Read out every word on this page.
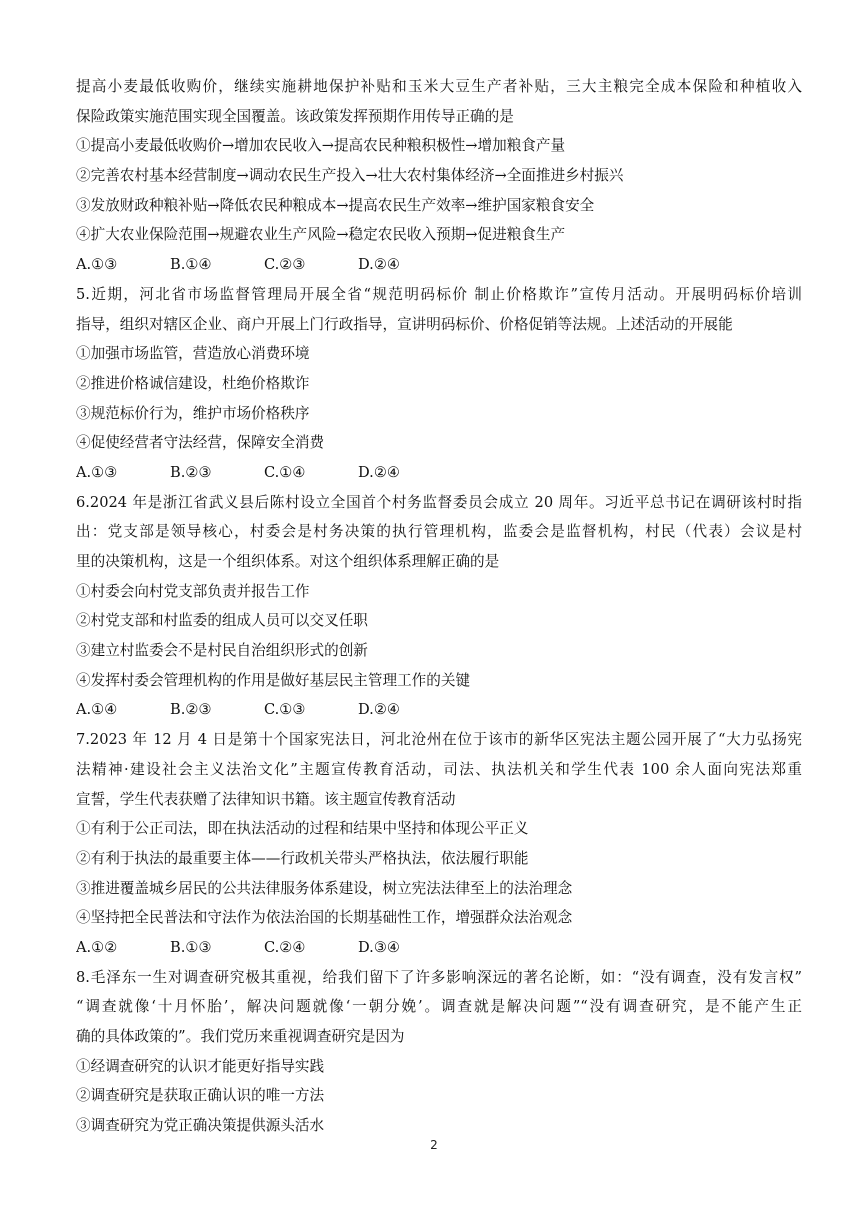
提高小麦最低收购价，继续实施耕地保护补贴和玉米大豆生产者补贴，三大主粮完全成本保险和种植收入
保险政策实施范围实现全国覆盖。该政策发挥预期作用传导正确的是
①提高小麦最低收购价→增加农民收入→提高农民种粮积极性→增加粮食产量
②完善农村基本经营制度→调动农民生产投入→壮大农村集体经济→全面推进乡村振兴
③发放财政种粮补贴→降低农民种粮成本→提高农民生产效率→维护国家粮食安全
④扩大农业保险范围→规避农业生产风险→稳定农民收入预期→促进粮食生产
A.①③	B.①④	C.②③	D.②④
5.近期，河北省市场监督管理局开展全省“规范明码标价 制止价格欺诈”宣传月活动。开展明码标价培训
指导，组织对辖区企业、商户开展上门行政指导，宣讲明码标价、价格促销等法规。上述活动的开展能
①加强市场监管，营造放心消费环境
②推进价格诚信建设，杜绝价格欺诈
③规范标价行为，维护市场价格秩序
④促使经营者守法经营，保障安全消费
A.①③	B.②③	C.①④	D.②④
6.2024 年是浙江省武义县后陈村设立全国首个村务监督委员会成立 20 周年。习近平总书记在调研该村时指
出：党支部是领导核心，村委会是村务决策的执行管理机构，监委会是监督机构，村民（代表）会议是村
里的决策机构，这是一个组织体系。对这个组织体系理解正确的是
①村委会向村党支部负责并报告工作
②村党支部和村监委的组成人员可以交叉任职
③建立村监委会不是村民自治组织形式的创新
④发挥村委会管理机构的作用是做好基层民主管理工作的关键
A.①④	B.②③	C.①③	D.②④
7.2023 年 12 月 4 日是第十个国家宪法日，河北沧州在位于该市的新华区宪法主题公园开展了“大力弘扬宪
法精神·建设社会主义法治文化”主题宣传教育活动，司法、执法机关和学生代表 100 余人面向宪法郑重
宣誓，学生代表获赠了法律知识书籍。该主题宣传教育活动
①有利于公正司法，即在执法活动的过程和结果中坚持和体现公平正义
②有利于执法的最重要主体——行政机关带头严格执法，依法履行职能
③推进覆盖城乡居民的公共法律服务体系建设，树立宪法法律至上的法治理念
④坚持把全民普法和守法作为依法治国的长期基础性工作，增强群众法治观念
A.①②	B.①③	C.②④	D.③④
8.毛泽东一生对调查研究极其重视，给我们留下了许多影响深远的著名论断，如：“没有调查，没有发言权”
“调查就像‘十月怀胎’，解决问题就像‘一朝分娩’。调查就是解决问题”“没有调查研究，是不能产生正
确的具体政策的”。我们党历来重视调查研究是因为
①经调查研究的认识才能更好指导实践
②调查研究是获取正确认识的唯一方法
③调查研究为党正确决策提供源头活水
2
